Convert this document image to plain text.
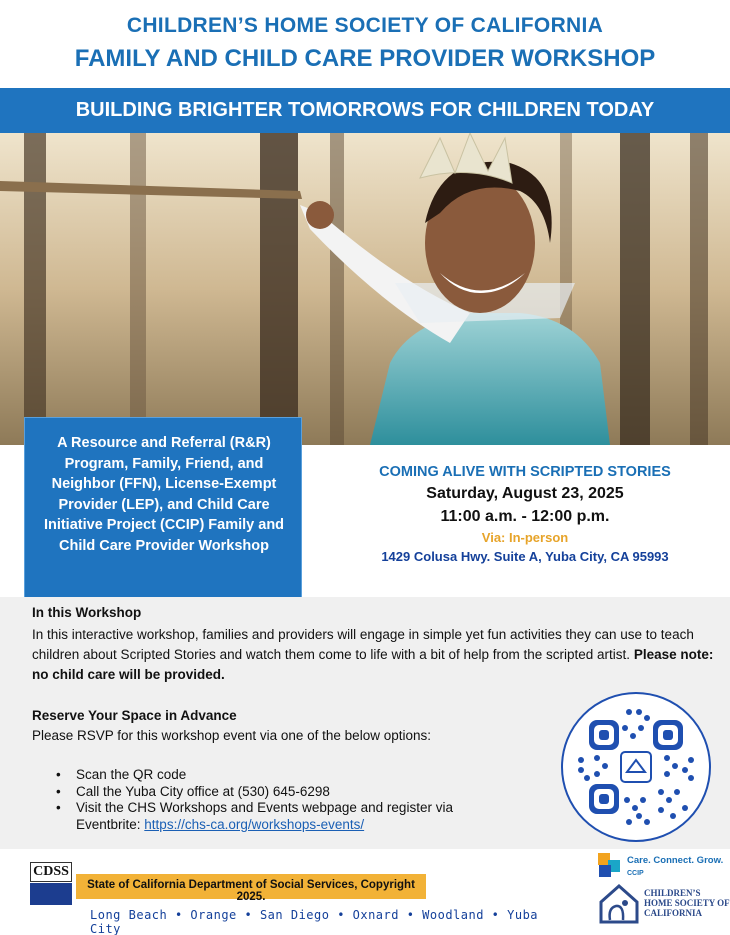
CHILDREN’S HOME SOCIETY OF CALIFORNIA
FAMILY AND CHILD CARE PROVIDER WORKSHOP
BUILDING BRIGHTER TOMORROWS FOR CHILDREN TODAY

A Resource and Referral (R&R) Program, Family, Friend, and Neighbor (FFN), License-Exempt Provider (LEP), and Child Care Initiative Project (CCIP) Family and Child Care Provider Workshop

COMING ALIVE WITH SCRIPTED STORIES
Saturday, August 23, 2025
11:00 a.m. - 12:00 p.m.
Via: In-person
1429 Colusa Hwy. Suite A, Yuba City, CA 95993
In this Workshop
In this interactive workshop, families and providers will engage in simple yet fun activities they can use to teach children about Scripted Stories and watch them come to life with a bit of help from the scripted artist. Please note: no child care will be provided.
Reserve Your Space in Advance
Please RSVP for this workshop event via one of the below options:
• Scan the QR code
• Call the Yuba City office at (530) 645-6298
• Visit the CHS Workshops and Events webpage and register via
Eventbrite: https://chs-ca.org/workshops-events/
CDSS
State of California Department of Social Services, Copyright 2025.
Long Beach • Orange • San Diego • Oxnard • Woodland • Yuba City
Care. Connect. Grow.
CCIP
CHILDREN’S HOME SOCIETY OF CALIFORNIA
